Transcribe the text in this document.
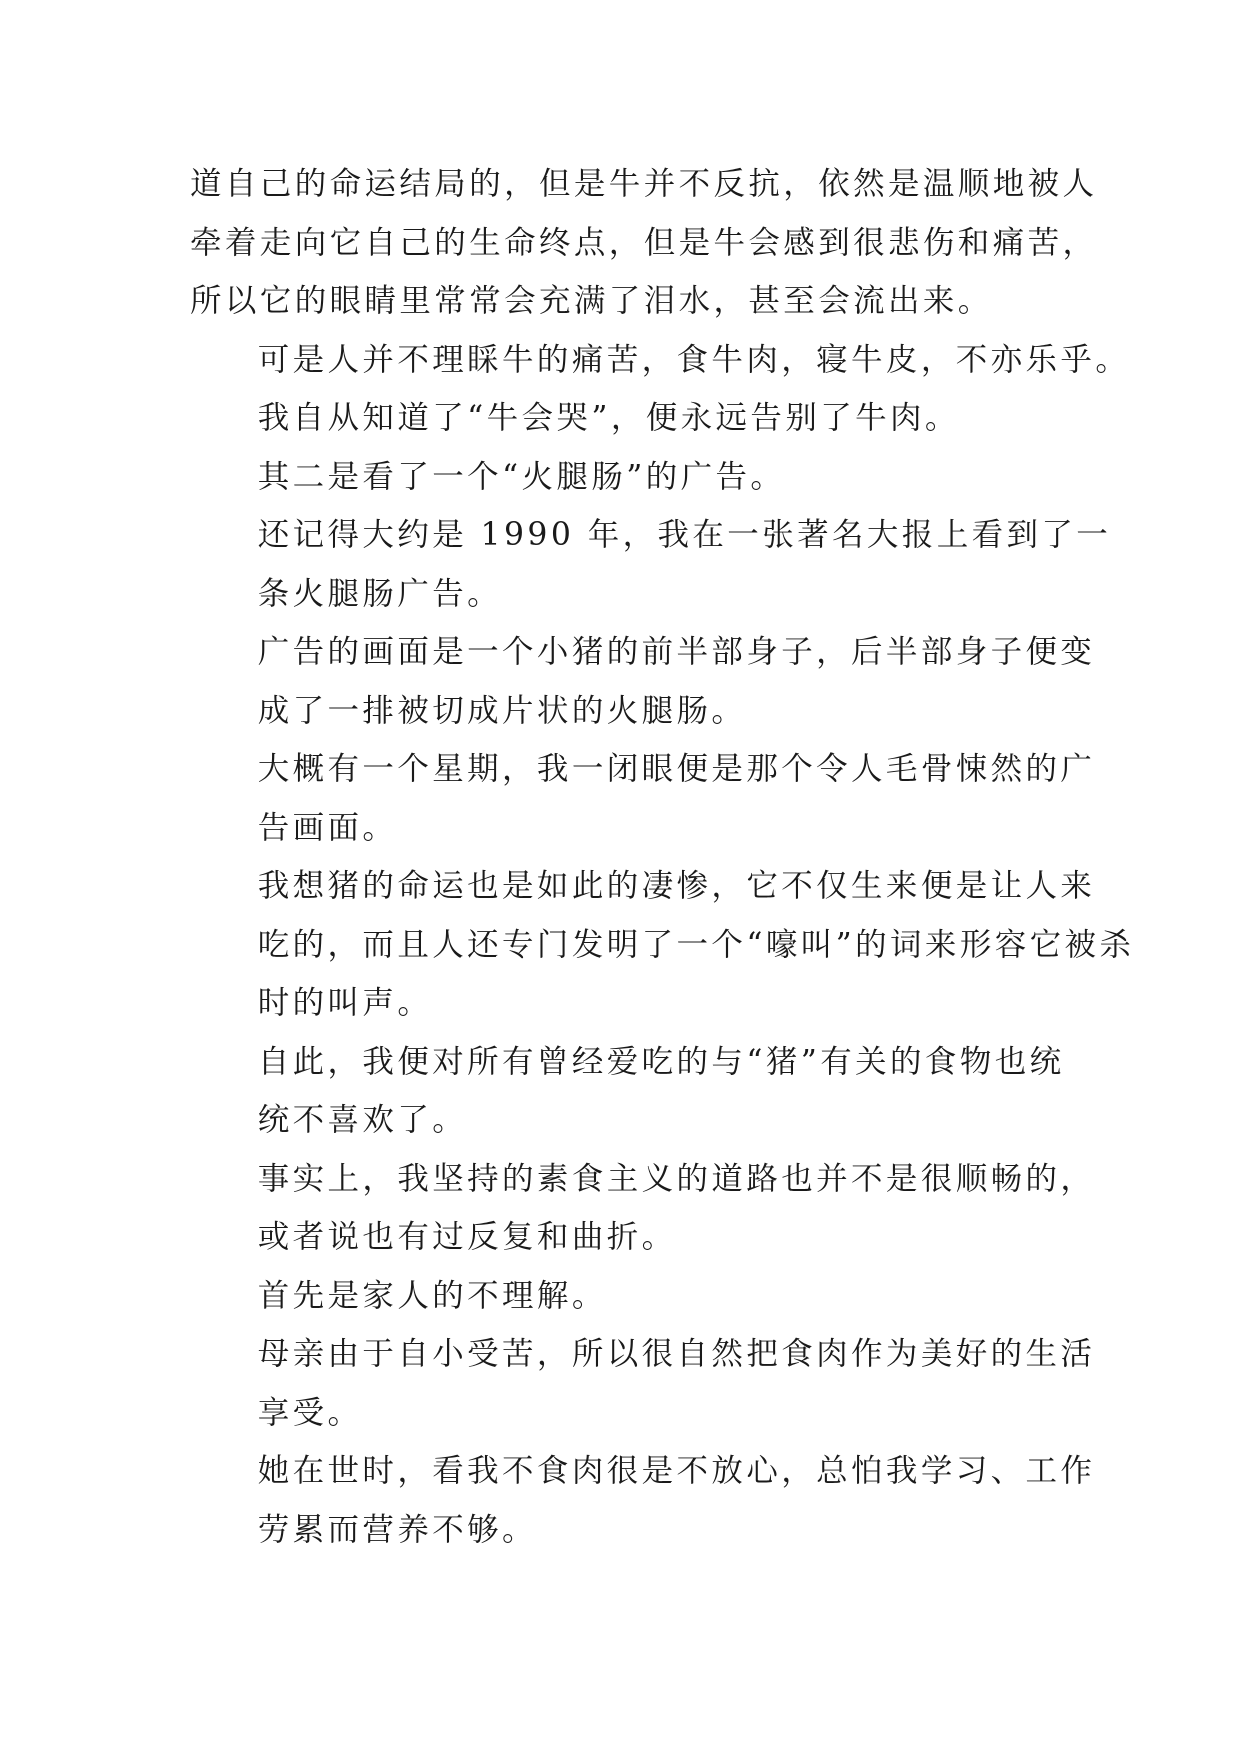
道自己的命运结局的，但是牛并不反抗，依然是温顺地被人
牵着走向它自己的生命终点，但是牛会感到很悲伤和痛苦，
所以它的眼睛里常常会充满了泪水，甚至会流出来。
可是人并不理睬牛的痛苦，食牛肉，寝牛皮，不亦乐乎。
我自从知道了“牛会哭”，便永远告别了牛肉。
其二是看了一个“火腿肠”的广告。
还记得大约是 1990 年，我在一张著名大报上看到了一
条火腿肠广告。
广告的画面是一个小猪的前半部身子，后半部身子便变
成了一排被切成片状的火腿肠。
大概有一个星期，我一闭眼便是那个令人毛骨悚然的广
告画面。
我想猪的命运也是如此的凄惨，它不仅生来便是让人来
吃的，而且人还专门发明了一个“嚎叫”的词来形容它被杀
时的叫声。
自此，我便对所有曾经爱吃的与“猪”有关的食物也统
统不喜欢了。
事实上，我坚持的素食主义的道路也并不是很顺畅的，
或者说也有过反复和曲折。
首先是家人的不理解。
母亲由于自小受苦，所以很自然把食肉作为美好的生活
享受。
她在世时，看我不食肉很是不放心，总怕我学习、工作
劳累而营养不够。
